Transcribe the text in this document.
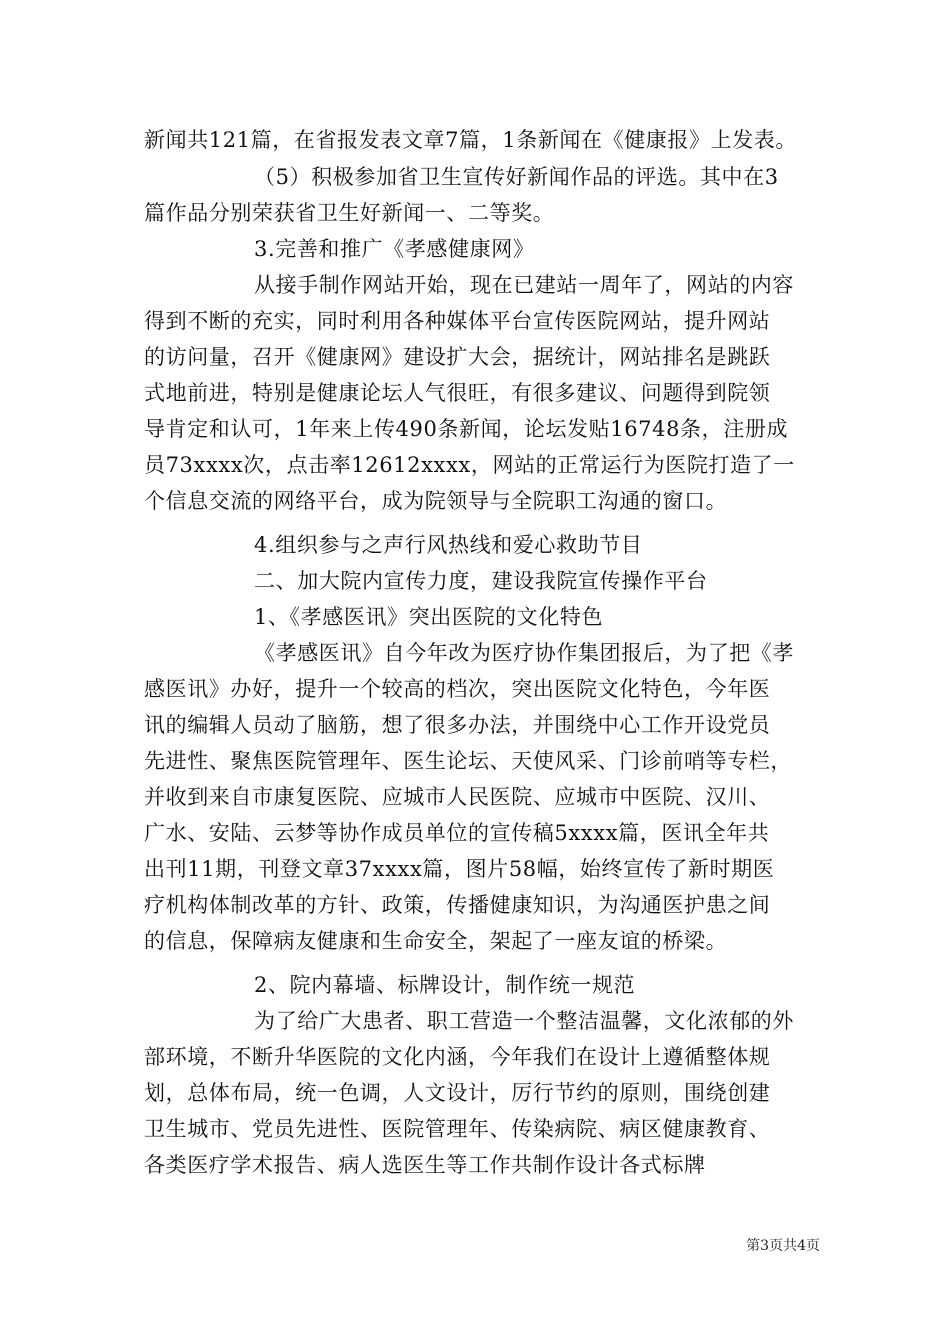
新闻共121篇，在省报发表文章7篇，1条新闻在《健康报》上发表。
（5）积极参加省卫生宣传好新闻作品的评选。其中在3
篇作品分别荣获省卫生好新闻一、二等奖。
3.完善和推广《孝感健康网》
从接手制作网站开始，现在已建站一周年了，网站的内容
得到不断的充实，同时利用各种媒体平台宣传医院网站，提升网站
的访问量，召开《健康网》建设扩大会，据统计，网站排名是跳跃
式地前进，特别是健康论坛人气很旺，有很多建议、问题得到院领
导肯定和认可，1年来上传490条新闻，论坛发贴16748条，注册成
员73xxxx次，点击率12612xxxx，网站的正常运行为医院打造了一
个信息交流的网络平台，成为院领导与全院职工沟通的窗口。
4.组织参与之声行风热线和爱心救助节目
二、加大院内宣传力度，建设我院宣传操作平台
1、《孝感医讯》突出医院的文化特色
《孝感医讯》自今年改为医疗协作集团报后，为了把《孝
感医讯》办好，提升一个较高的档次，突出医院文化特色，今年医
讯的编辑人员动了脑筋，想了很多办法，并围绕中心工作开设党员
先进性、聚焦医院管理年、医生论坛、天使风采、门诊前哨等专栏，
并收到来自市康复医院、应城市人民医院、应城市中医院、汉川、
广水、安陆、云梦等协作成员单位的宣传稿5xxxx篇，医讯全年共
出刊11期，刊登文章37xxxx篇，图片58幅，始终宣传了新时期医
疗机构体制改革的方针、政策，传播健康知识，为沟通医护患之间
的信息，保障病友健康和生命安全，架起了一座友谊的桥梁。
2、院内幕墙、标牌设计，制作统一规范
为了给广大患者、职工营造一个整洁温馨，文化浓郁的外
部环境，不断升华医院的文化内涵，今年我们在设计上遵循整体规
划，总体布局，统一色调，人文设计，厉行节约的原则，围绕创建
卫生城市、党员先进性、医院管理年、传染病院、病区健康教育、
各类医疗学术报告、病人选医生等工作共制作设计各式标牌
第3页共4页
